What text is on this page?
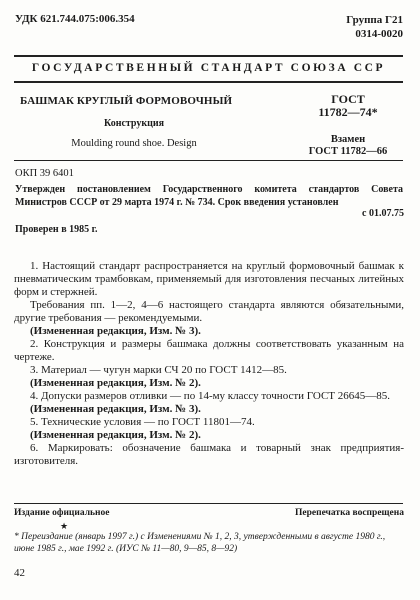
УДК 621.744.075:006.354	Группа Г21
0314-0020
ГОСУДАРСТВЕННЫЙ СТАНДАРТ СОЮЗА ССР
БАШМАК КРУГЛЫЙ ФОРМОВОЧНЫЙ
Конструкция
Moulding round shoe. Design
ГОСТ
11782—74*
Взамен
ГОСТ 11782—66
ОКП 39 6401
Утвержден постановлением Государственного комитета стандартов Совета Министров СССР от 29 марта 1974 г. № 734. Срок введения установлен
с 01.07.75
Проверен в 1985 г.

1. Настоящий стандарт распространяется на круглый формовочный башмак к пневматическим трамбовкам, применяемый для изготовления песчаных литейных форм и стержней.

Требования пп. 1—2, 4—6 настоящего стандарта являются обязательными, другие требования — рекомендуемыми.

(Измененная редакция, Изм. № 3).

2. Конструкция и размеры башмака должны соответствовать указанным на чертеже.

3. Материал — чугун марки СЧ 20 по ГОСТ 1412—85.

(Измененная редакция, Изм. № 2).

4. Допуски размеров отливки — по 14-му классу точности ГОСТ 26645—85.

(Измененная редакция, Изм. № 3).

5. Технические условия — по ГОСТ 11801—74.

(Измененная редакция, Изм. № 2).

6. Маркировать: обозначение башмака и товарный знак предприятия-изготовителя.

Издание официальное	Перепечатка воспрещена
★
* Переиздание (январь 1997 г.) с Изменениями № 1, 2, 3, утвержденными в августе 1980 г., июне 1985 г., мае 1992 г. (ИУС № 11—80, 9—85, 8—92)
42
